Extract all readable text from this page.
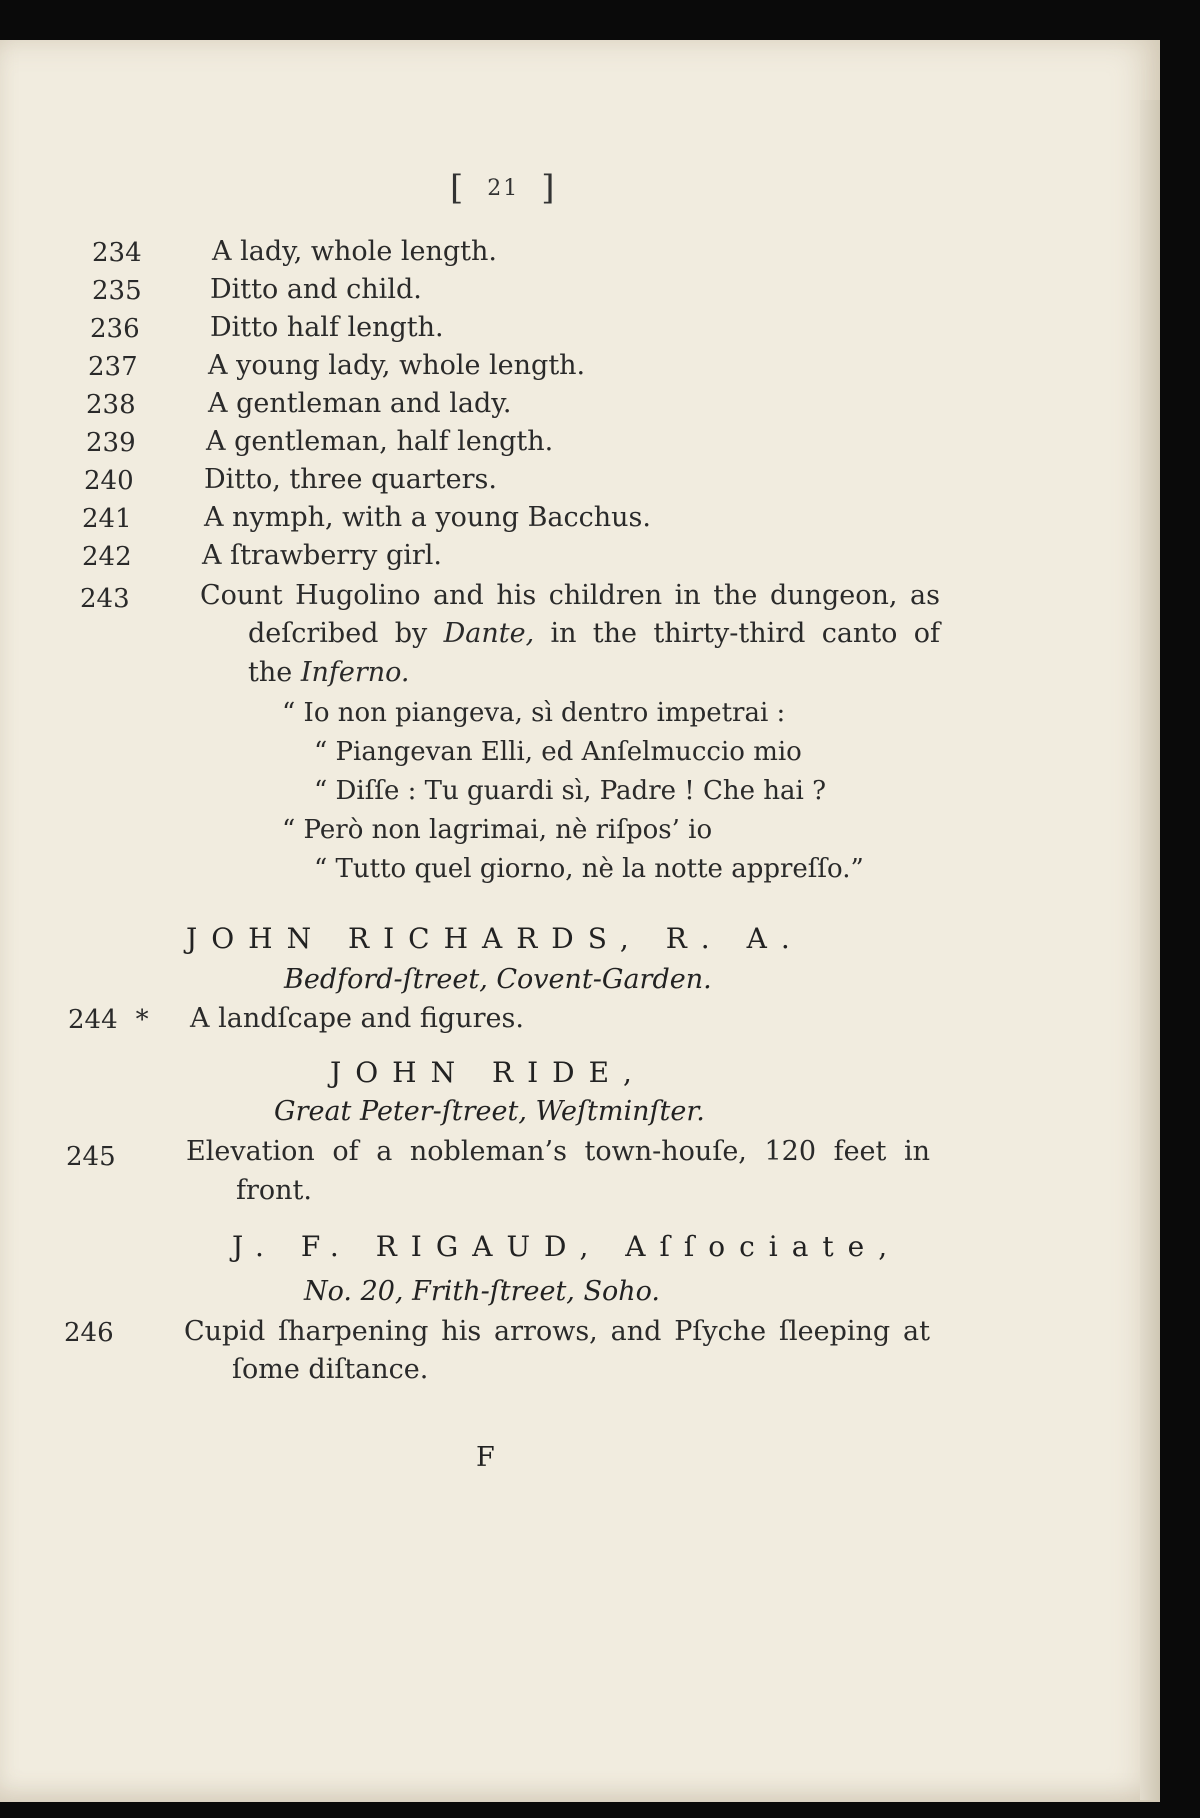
[ 21 ]
234	A lady, whole length.
235	Ditto and child.
236	Ditto half length.
237	A young lady, whole length.
238	A gentleman and lady.
239	A gentleman, half length.
240	Ditto, three quarters.
241	A nymph, with a young Bacchus.
242	A ſtrawberry girl.
243	Count Hugolino and his children in the dungeon, as
deſcribed by Dante, in the thirty-third canto of
the Inferno.
“ Io non piangeva, sì dentro impetrai :
“ Piangevan Elli, ed Anſelmuccio mio
“ Diſſe : Tu guardi sì, Padre ! Che hai ?
“ Però non lagrimai, nè riſpos’ io
“ Tutto quel giorno, nè la notte appreſſo.”
JOHN RICHARDS, R. A.
Bedford-ſtreet, Covent-Garden.
244 * A landſcape and figures.
JOHN RIDE,
Great Peter-ſtreet, Weſtminſter.
245	Elevation of a nobleman’s town-houſe, 120 feet in
front.
J. F. RIGAUD, Aſſociate,
No. 20, Frith-ſtreet, Soho.
246	Cupid ſharpening his arrows, and Pſyche ſleeping at
ſome diſtance.
F
